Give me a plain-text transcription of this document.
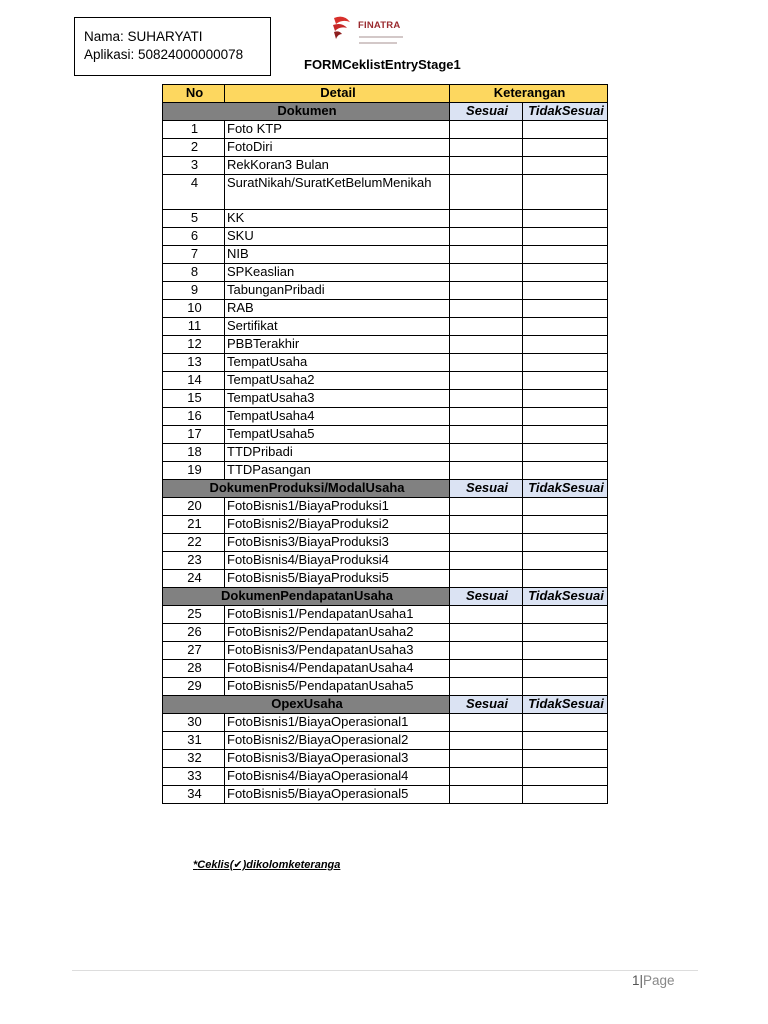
Nama: SUHARYATI
Aplikasi: 50824000000078
FINATRA
FORMCeklistEntryStage1
No	Detail	Keterangan	
Dokumen		Sesuai	TidakSesuai
1	Foto KTP		
2	FotoDiri		
3	RekKoran3 Bulan		
4	SuratNikah/SuratKetBelumMenikah		
5	KK		
6	SKU		
7	NIB		
8	SPKeaslian		
9	TabunganPribadi		
10	RAB		
11	Sertifikat		
12	PBBTerakhir		
13	TempatUsaha		
14	TempatUsaha2		
15	TempatUsaha3		
16	TempatUsaha4		
17	TempatUsaha5		
18	TTDPribadi		
19	TTDPasangan		
DokumenProduksi/ModalUsaha		Sesuai	TidakSesuai
20	FotoBisnis1/BiayaProduksi1		
21	FotoBisnis2/BiayaProduksi2		
22	FotoBisnis3/BiayaProduksi3		
23	FotoBisnis4/BiayaProduksi4		
24	FotoBisnis5/BiayaProduksi5		
DokumenPendapatanUsaha		Sesuai	TidakSesuai
25	FotoBisnis1/PendapatanUsaha1		
26	FotoBisnis2/PendapatanUsaha2		
27	FotoBisnis3/PendapatanUsaha3		
28	FotoBisnis4/PendapatanUsaha4		
29	FotoBisnis5/PendapatanUsaha5		
OpexUsaha		Sesuai	TidakSesuai
30	FotoBisnis1/BiayaOperasional1		
31	FotoBisnis2/BiayaOperasional2		
32	FotoBisnis3/BiayaOperasional3		
33	FotoBisnis4/BiayaOperasional4		
34	FotoBisnis5/BiayaOperasional5		
*Ceklis(✔)dikolomketeranga
1|Page
